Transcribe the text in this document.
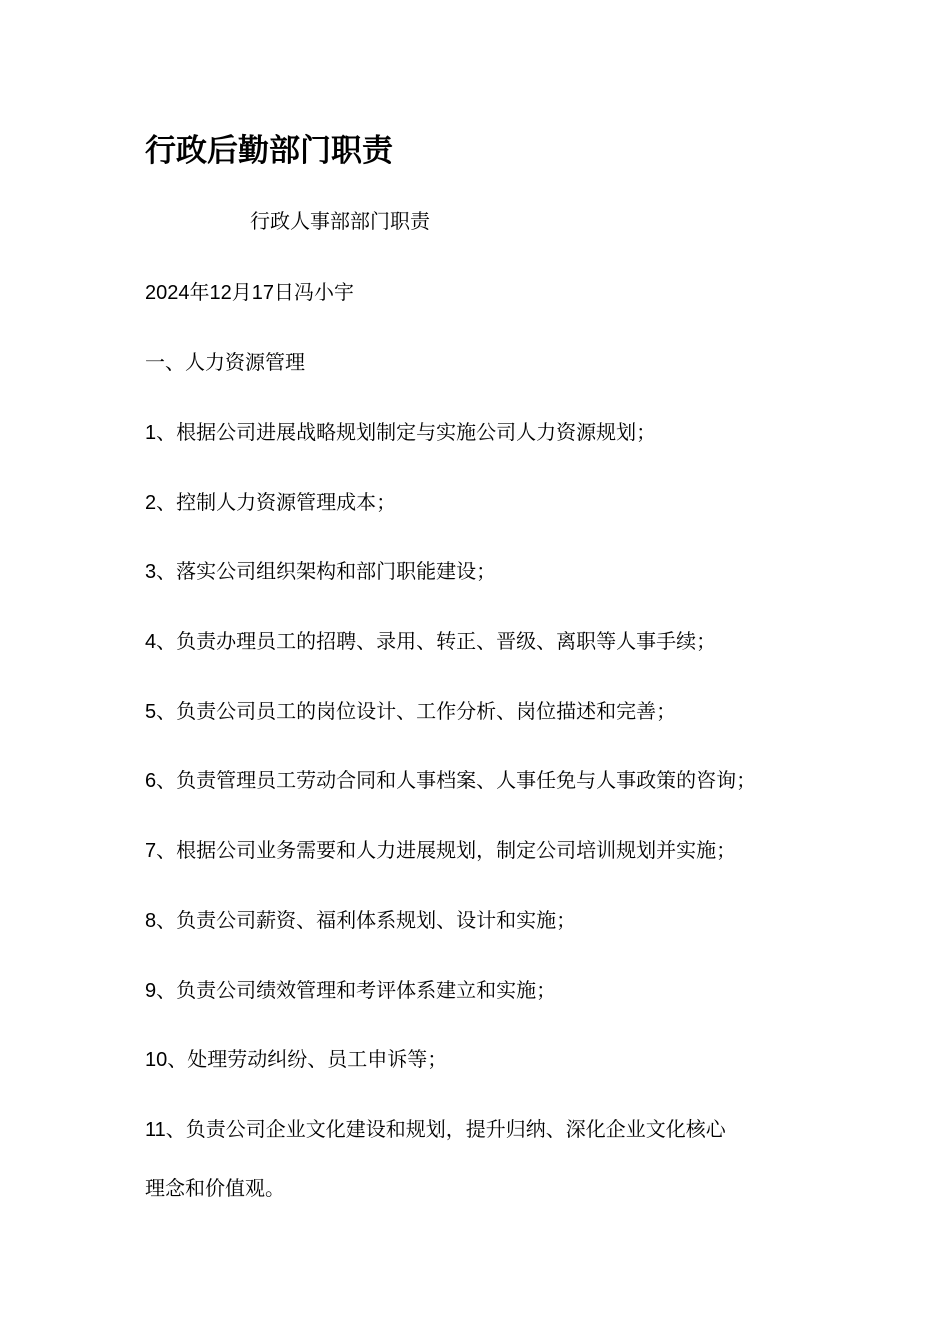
行政后勤部门职责
行政人事部部门职责
2024年12月17日冯小宇
一、人力资源管理
1、根据公司进展战略规划制定与实施公司人力资源规划；
2、控制人力资源管理成本；
3、落实公司组织架构和部门职能建设；
4、负责办理员工的招聘、录用、转正、晋级、离职等人事手续；
5、负责公司员工的岗位设计、工作分析、岗位描述和完善；
6、负责管理员工劳动合同和人事档案、人事任免与人事政策的咨询；
7、根据公司业务需要和人力进展规划，制定公司培训规划并实施；
8、负责公司薪资、福利体系规划、设计和实施；
9、负责公司绩效管理和考评体系建立和实施；
10、处理劳动纠纷、员工申诉等；
11、负责公司企业文化建设和规划，提升归纳、深化企业文化核心
理念和价值观。
